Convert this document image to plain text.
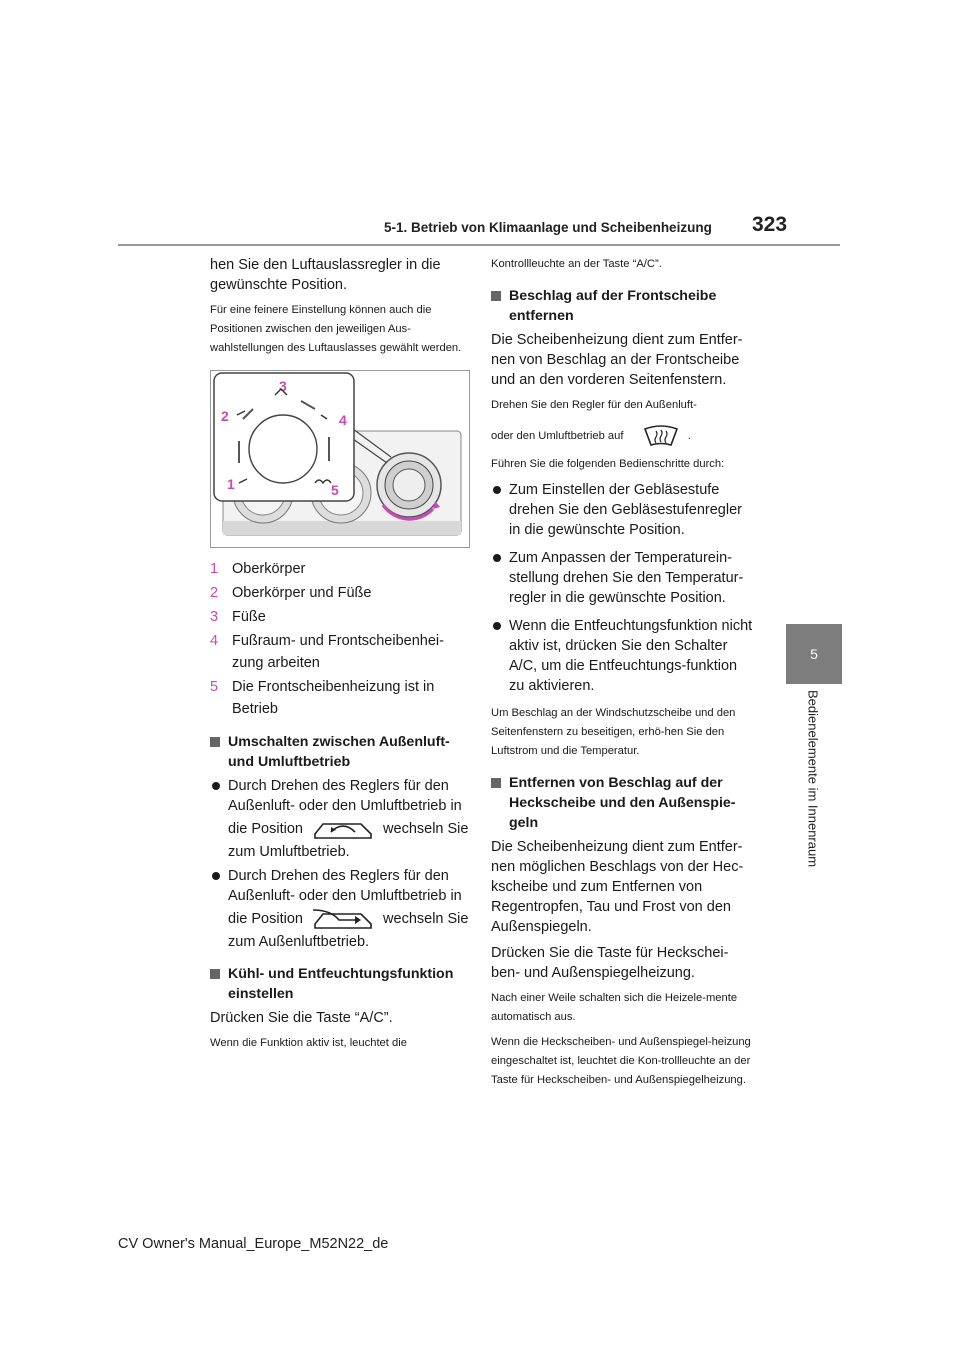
5-1. Betrieb von Klimaanlage und Scheibenheizung 323
5
Bedienelemente im Innenraum

hen Sie den Luftauslassregler in die gewünschte Position.

Für eine feinere Einstellung können auch die Positionen zwischen den jeweiligen Aus-wahlstellungen des Luftauslasses gewählt werden.

3
2	4
1	5
1 Oberkörper
2 Oberkörper und Füße
3 Füße
4 Fußraum- und Frontscheibenhei-zung arbeiten
5 Die Frontscheibenheizung ist in Betrieb
Umschalten zwischen Außenluft- und Umluftbetrieb
Durch Drehen des Reglers für den Außenluft- oder den Umluftbetrieb in die Position	wechseln Sie zum Umluftbetrieb.
Durch Drehen des Reglers für den Außenluft- oder den Umluftbetrieb in die Position	wechseln Sie zum Außenluftbetrieb.
Kühl- und Entfeuchtungsfunktion einstellen

Drücken Sie die Taste “A/C”.

Wenn die Funktion aktiv ist, leuchtet die

Kontrollleuchte an der Taste “A/C”.

Beschlag auf der Frontscheibe entfernen

Die Scheibenheizung dient zum Entfer-nen von Beschlag an der Frontscheibe und an den vorderen Seitenfenstern.

Drehen Sie den Regler für den Außenluft-

oder den Umluftbetrieb auf	.

Führen Sie die folgenden Bedienschritte durch:

Zum Einstellen der Gebläsestufe drehen Sie den Gebläsestufenregler in die gewünschte Position.
Zum Anpassen der Temperaturein-stellung drehen Sie den Temperatur-regler in die gewünschte Position.
Wenn die Entfeuchtungsfunktion nicht aktiv ist, drücken Sie den Schalter A/C, um die Entfeuchtungs-funktion zu aktivieren.

Um Beschlag an der Windschutzscheibe und den Seitenfenstern zu beseitigen, erhö-hen Sie den Luftstrom und die Temperatur.

Entfernen von Beschlag auf der Heckscheibe und den Außenspie-geln

Die Scheibenheizung dient zum Entfer-nen möglichen Beschlags von der Hec-kscheibe und zum Entfernen von Regentropfen, Tau und Frost von den Außenspiegeln.

Drücken Sie die Taste für Heckschei-ben- und Außenspiegelheizung.

Nach einer Weile schalten sich die Heizele-mente automatisch aus.

Wenn die Heckscheiben- und Außenspiegel-heizung eingeschaltet ist, leuchtet die Kon-trollleuchte an der Taste für Heckscheiben- und Außenspiegelheizung.

CV Owner's Manual_Europe_M52N22_de
